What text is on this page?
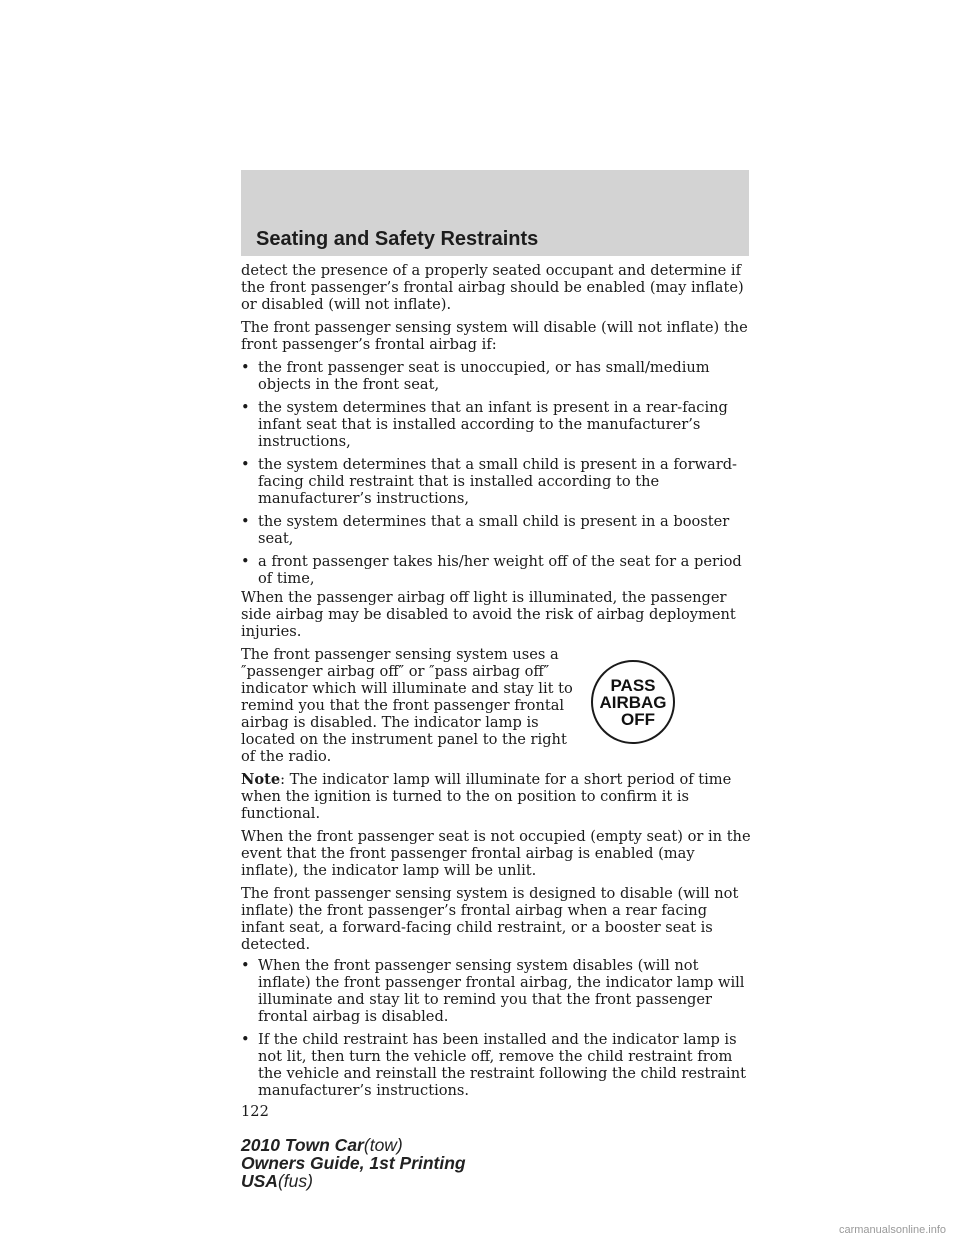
Seating and Safety Restraints

detect the presence of a properly seated occupant and determine if the front passenger’s frontal airbag should be enabled (may inflate) or disabled (will not inflate).

The front passenger sensing system will disable (will not inflate) the front passenger’s frontal airbag if:

• the front passenger seat is unoccupied, or has small/medium objects in the front seat,
• the system determines that an infant is present in a rear-facing infant seat that is installed according to the manufacturer’s instructions,
• the system determines that a small child is present in a forward-facing child restraint that is installed according to the manufacturer’s instructions,
• the system determines that a small child is present in a booster seat,
• a front passenger takes his/her weight off of the seat for a period of time,

When the passenger airbag off light is illuminated, the passenger side airbag may be disabled to avoid the risk of airbag deployment injuries.

PASS
AIRBAG
OFF
The front passenger sensing system uses a ″passenger airbag off″ or ″pass airbag off″ indicator which will illuminate and stay lit to remind you that the front passenger frontal airbag is disabled. The indicator lamp is located on the instrument panel to the right of the radio.

Note: The indicator lamp will illuminate for a short period of time when the ignition is turned to the on position to confirm it is functional.

When the front passenger seat is not occupied (empty seat) or in the event that the front passenger frontal airbag is enabled (may inflate), the indicator lamp will be unlit.

The front passenger sensing system is designed to disable (will not inflate) the front passenger’s frontal airbag when a rear facing infant seat, a forward-facing child restraint, or a booster seat is detected.

• When the front passenger sensing system disables (will not inflate) the front passenger frontal airbag, the indicator lamp will illuminate and stay lit to remind you that the front passenger frontal airbag is disabled.
• If the child restraint has been installed and the indicator lamp is not lit, then turn the vehicle off, remove the child restraint from the vehicle and reinstall the restraint following the child restraint manufacturer’s instructions.
122
2010 Town Car(tow)
Owners Guide, 1st Printing
USA(fus)
carmanualsonline.info
